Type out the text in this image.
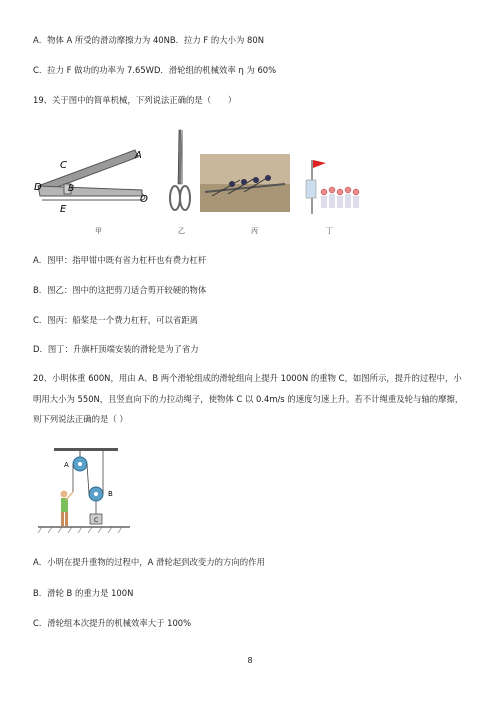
A．物体 A 所受的滑动摩擦力为 40NB．拉力 F 的大小为 80N
C．拉力 F 做功的功率为 7.65WD．滑轮组的机械效率 η 为 60%
19、关于图中的简单机械，下列说法正确的是（　　）
C
A
D	B
E
O
甲	乙	丙	丁
A．图甲：指甲钳中既有省力杠杆也有费力杠杆
B．图乙：图中的这把剪刀适合剪开较硬的物体
C．图丙：船桨是一个费力杠杆，可以省距离
D．图丁：升旗杆顶端安装的滑轮是为了省力
20、小明体重 600N，用由 A、B 两个滑轮组成的滑轮组向上提升 1000N 的重物 C，如图所示，提升的过程中，小明用大小为 550N，且竖直向下的力拉动绳子，使物体 C 以 0.4m/s 的速度匀速上升。若不计绳重及轮与轴的摩擦，则下列说法正确的是（ ）
A
B
C
A．小明在提升重物的过程中，A 滑轮起到改变力的方向的作用
B．滑轮 B 的重力是 100N
C．滑轮组本次提升的机械效率大于 100%
8
